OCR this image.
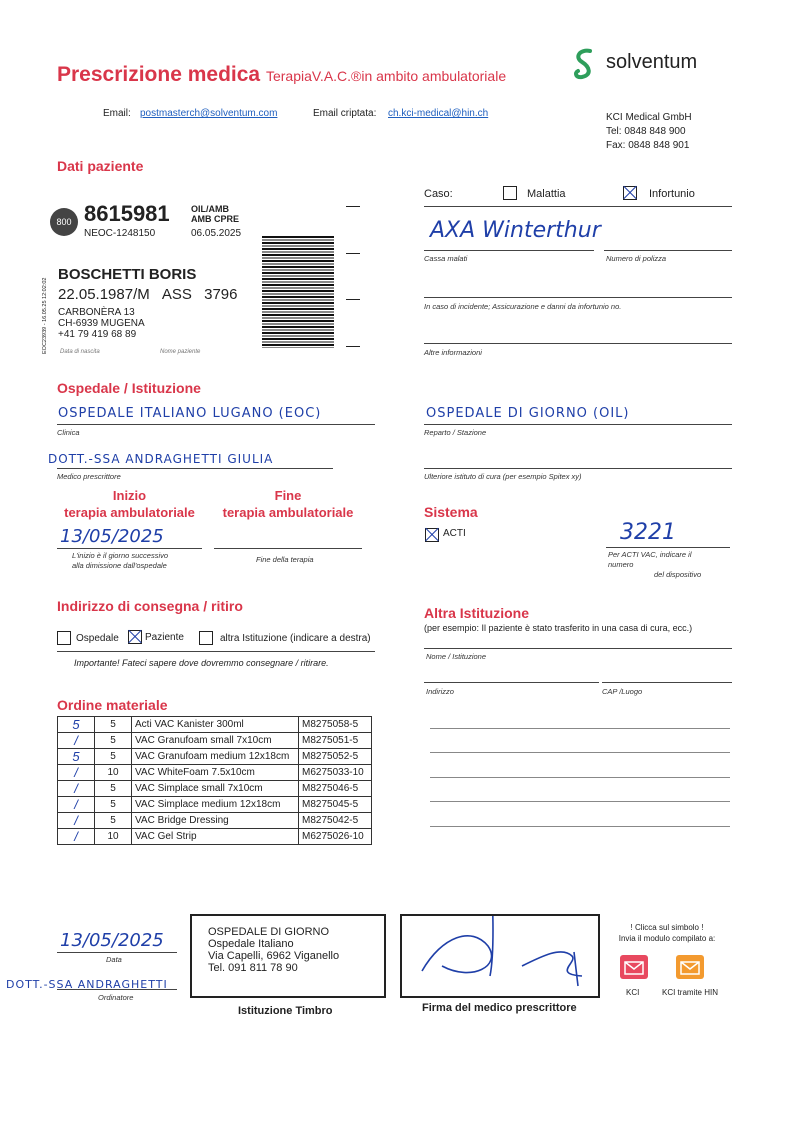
Prescrizione medica TerapiaV.A.C.®in ambito ambulatoriale
solventum
Email: postmasterch@solventum.com	Email criptata: ch.kci-medical@hin.ch	KCI Medical GmbH
Tel: 0848 848 900
Fax: 0848 848 901
Dati paziente
800 8615981 OIL/AMB
AMB CPRE
NEOC-1248150	06.05.2025
EOC23939 - 16.05.25 12:02:02
BOSCHETTI BORIS
22.05.1987/M ASS 3796
CARBONÈRA 13
CH-6939 MUGENA
+41 79 419 68 89
Data di nascita	Nome paziente
Caso:	Malattia	Infortunio
AXA Winterthur
Cassa malati	Numero di polizza
In caso di incidente; Assicurazione e danni da infortunio no.
Altre informazioni
Ospedale / Istituzione
OSPEDALE ITALIANO LUGANO (EOC)
Clinica
OSPEDALE DI GIORNO (OIL)
Reparto / Stazione
DOTT.-SSA ANDRAGHETTI GIULIA
Medico prescrittore	Ulteriore istituto di cura (per esempio Spitex xy)
Inizio
terapia ambulatoriale
Fine
terapia ambulatoriale
13/05/2025
L'inizio è il giorno successivo
alla dimissione dall'ospedale
Fine della terapia
Sistema
ACTI	3221
Per ACTI VAC, indicare il
numero
del dispositivo
Indirizzo di consegna / ritiro
Ospedale	Paziente	altra Istituzione (indicare a destra)
Importante! Fateci sapere dove dovremmo consegnare / ritirare.
Altra Istituzione
(per esempio: Il paziente è stato trasferito in una casa di cura, ecc.)
Nome / Istituzione
Indirizzo	CAP /Luogo
Ordine materiale
5	5	Acti VAC Kanister 300ml	M8275058-5
/	5	VAC Granufoam small 7x10cm	M8275051-5
5	5	VAC Granufoam medium 12x18cm	M8275052-5
/	10	VAC WhiteFoam 7.5x10cm	M6275033-10
/	5	VAC Simplace small 7x10cm	M8275046-5
/	5	VAC Simplace medium 12x18cm	M8275045-5
/	5	VAC Bridge Dressing	M8275042-5
/	10	VAC Gel Strip	M6275026-10
13/05/2025
Data
DOTT.-SSA ANDRAGHETTI
Ordinatore
OSPEDALE DI GIORNO
Ospedale Italiano
Via Capelli, 6962 Viganello
Tel. 091 811 78 90
Istituzione Timbro	Firma del medico prescrittore
! Clicca sul simbolo !
Invia il modulo compilato a:
KCI	KCI tramite HIN
